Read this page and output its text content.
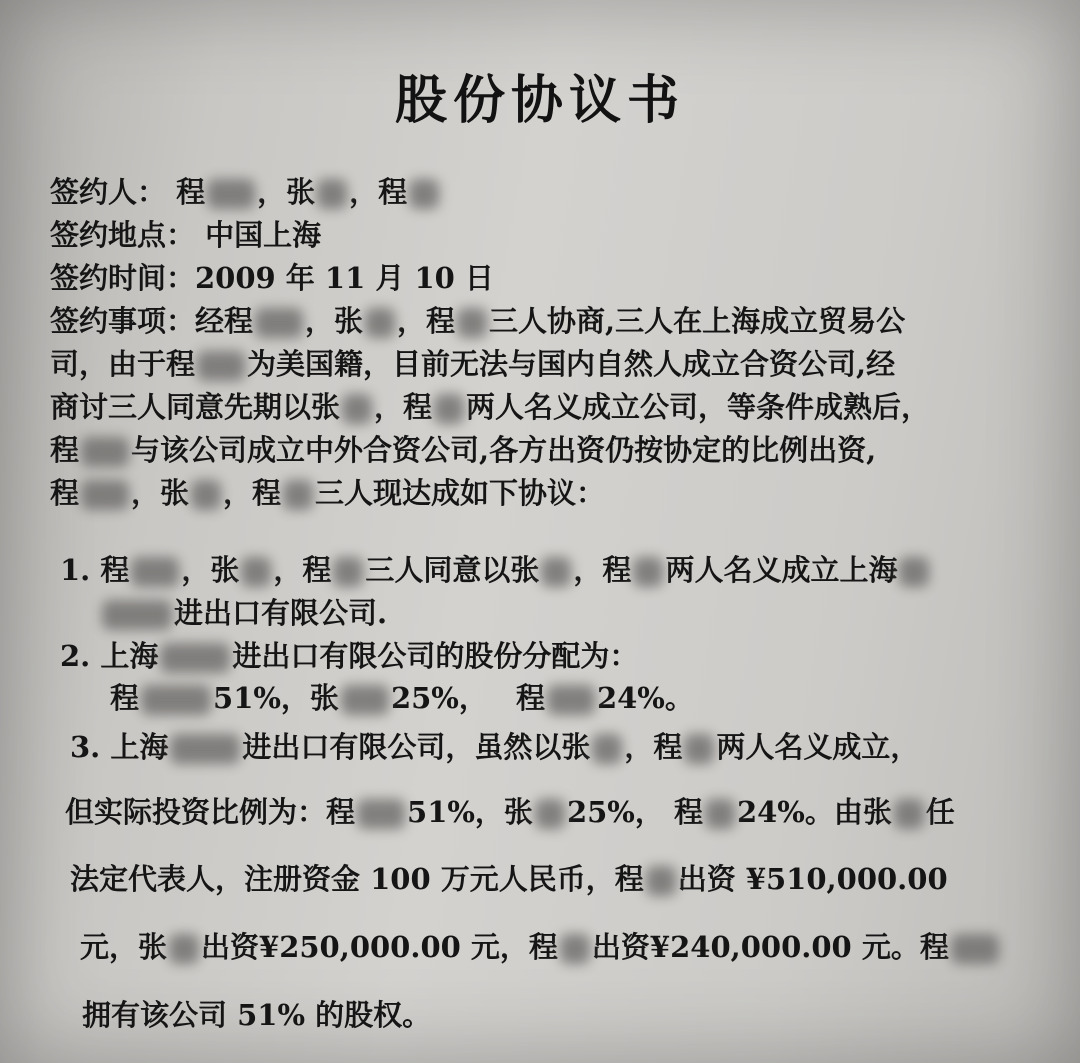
股份协议书
签约人： 程 ，张 ，程
签约地点： 中国上海
签约时间：2009 年 11 月 10 日
签约事项：经程 ，张 ，程 三人协商,三人在上海成立贸易公
司，由于程 为美国籍，目前无法与国内自然人成立合资公司,经
商讨三人同意先期以张 ，程 两人名义成立公司，等条件成熟后，
程 与该公司成立中外合资公司,各方出资仍按协定的比例出资,
程 ，张 ，程 三人现达成如下协议：
1. 程 ，张 ，程 三人同意以张 ，程 两人名义成立上海
进出口有限公司.
2. 上海	进出口有限公司的股份分配为：
程	51%，张 25%， 程 24%。
3. 上海	进出口有限公司，虽然以张 ，程 两人名义成立，
但实际投资比例为：程 51%，张 25%， 程 24%。由张 任
法定代表人，注册资金 100 万元人民币，程 出资 ¥510,000.00
元，张 出资¥250,000.00 元，程 出资¥240,000.00 元。程
拥有该公司 51% 的股权。
